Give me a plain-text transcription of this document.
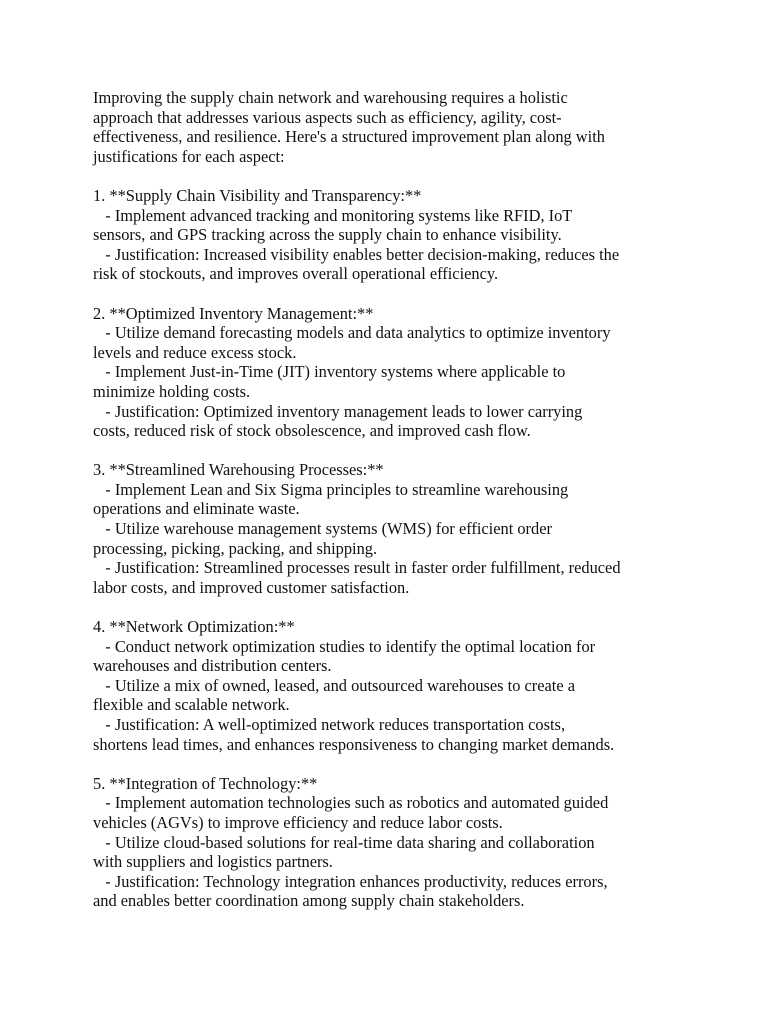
Improving the supply chain network and warehousing requires a holistic
approach that addresses various aspects such as efficiency, agility, cost-
effectiveness, and resilience. Here's a structured improvement plan along with
justifications for each aspect:
1. **Supply Chain Visibility and Transparency:**
- Implement advanced tracking and monitoring systems like RFID, IoT
sensors, and GPS tracking across the supply chain to enhance visibility.
- Justification: Increased visibility enables better decision-making, reduces the
risk of stockouts, and improves overall operational efficiency.
2. **Optimized Inventory Management:**
- Utilize demand forecasting models and data analytics to optimize inventory
levels and reduce excess stock.
- Implement Just-in-Time (JIT) inventory systems where applicable to
minimize holding costs.
- Justification: Optimized inventory management leads to lower carrying
costs, reduced risk of stock obsolescence, and improved cash flow.
3. **Streamlined Warehousing Processes:**
- Implement Lean and Six Sigma principles to streamline warehousing
operations and eliminate waste.
- Utilize warehouse management systems (WMS) for efficient order
processing, picking, packing, and shipping.
- Justification: Streamlined processes result in faster order fulfillment, reduced
labor costs, and improved customer satisfaction.
4. **Network Optimization:**
- Conduct network optimization studies to identify the optimal location for
warehouses and distribution centers.
- Utilize a mix of owned, leased, and outsourced warehouses to create a
flexible and scalable network.
- Justification: A well-optimized network reduces transportation costs,
shortens lead times, and enhances responsiveness to changing market demands.
5. **Integration of Technology:**
- Implement automation technologies such as robotics and automated guided
vehicles (AGVs) to improve efficiency and reduce labor costs.
- Utilize cloud-based solutions for real-time data sharing and collaboration
with suppliers and logistics partners.
- Justification: Technology integration enhances productivity, reduces errors,
and enables better coordination among supply chain stakeholders.
